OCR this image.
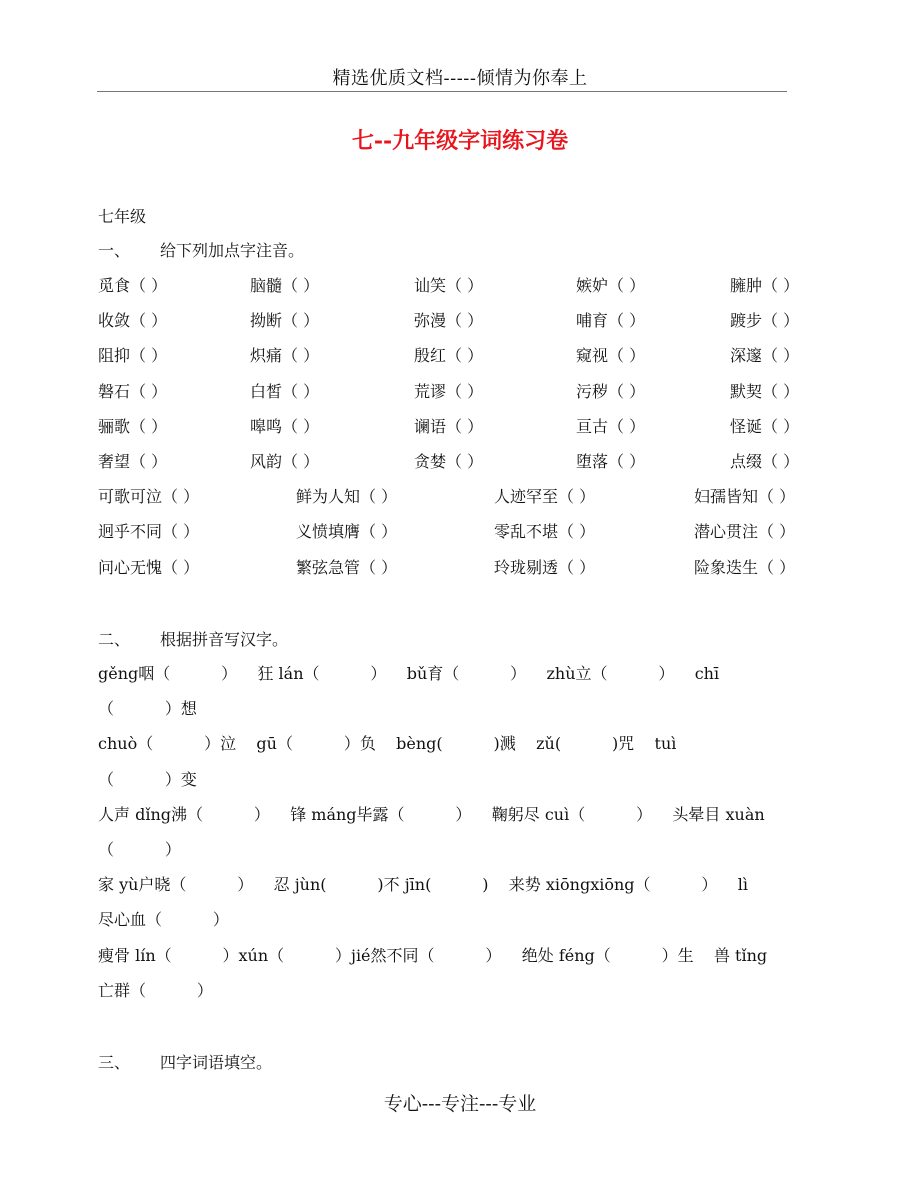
精选优质文档-----倾情为你奉上
七--九年级字词练习卷
七年级
一、 给下列加点字注音。
觅食（ ）	脑髓（ ）	讪笑（ ）	嫉妒（ ）	臃肿（ ）
收敛（ ）	拗断（ ）	弥漫（ ）	哺育（ ）	踱步（ ）
阻抑（ ）	炽痛（ ）	殷红（ ）	窥视（ ）	深邃（ ）
磐石（ ）	白皙（ ）	荒谬（ ）	污秽（ ）	默契（ ）
骊歌（ ）	嗥鸣（ ）	谰语（ ）	亘古（ ）	怪诞（ ）
奢望（ ）	风韵（ ）	贪婪（ ）	堕落（ ）	点缀（ ）
可歌可泣（ ）	鲜为人知（ ）	人迹罕至（ ）	妇孺皆知（ ）
迥乎不同（ ）	义愤填膺（ ）	零乱不堪（ ）	潜心贯注（ ）
问心无愧（ ）	繁弦急管（ ）	玲珑剔透（ ）	险象迭生（ ）
二、 根据拼音写汉字。
gěng咽（          ）    狂 lán（          ）    bǔ育（          ）    zhù立（          ）    chī
（          ）想
chuò（          ）泣    gū（          ）负    bèng(          )溅    zǔ(          )咒    tuì
（          ）变
人声 dǐng沸（          ）    锋 máng毕露（          ）    鞠躬尽 cuì（          ）    头晕目 xuàn
（          ）
家 yù户晓（          ）    忍 jùn(          )不 jīn(          )    来势 xiōngxiōng（          ）    lì
尽心血（          ）
瘦骨 lín（          ）xún（          ）jié然不同（          ）    绝处 féng（          ）生    兽 tǐng
亡群（          ）
三、 四字词语填空。
专心---专注---专业
